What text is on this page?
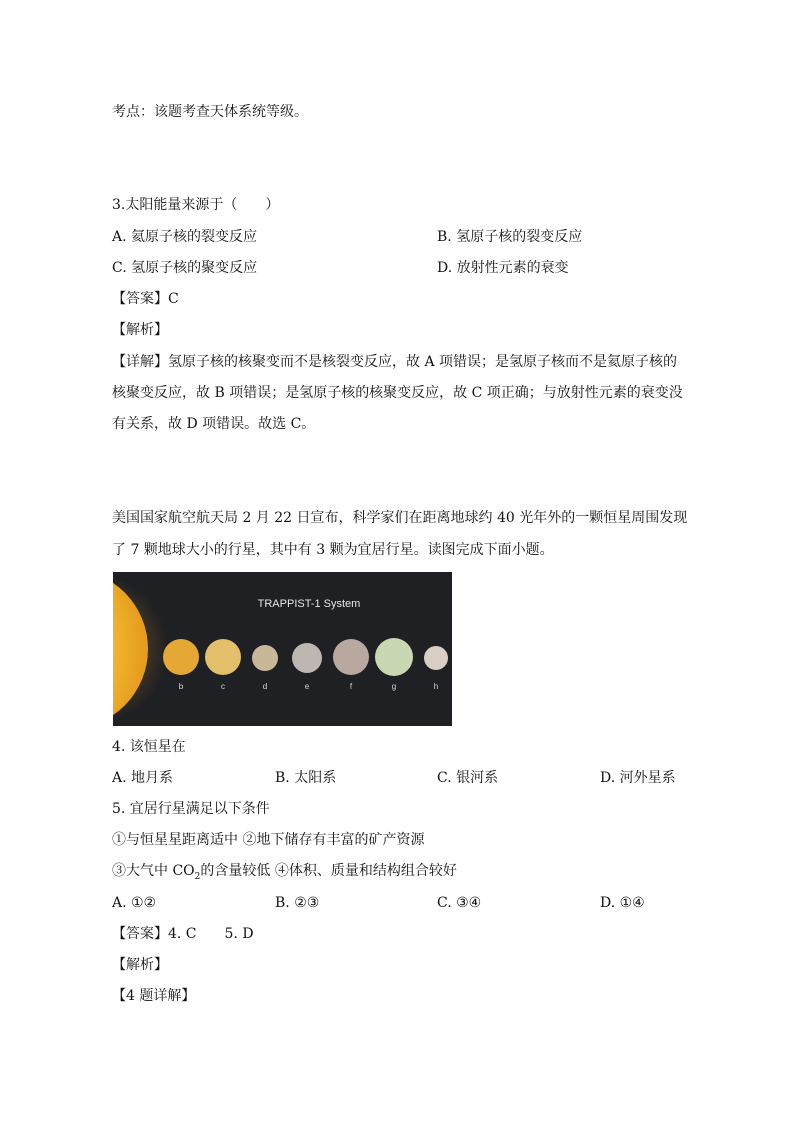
考点：该题考查天体系统等级。
3.太阳能量来源于（　　）
A. 氦原子核的裂变反应	B. 氢原子核的裂变反应
C. 氢原子核的聚变反应	D. 放射性元素的衰变
【答案】C
【解析】
【详解】氢原子核的核聚变而不是核裂变反应，故 A 项错误；是氢原子核而不是氦原子核的
核聚变反应，故 B 项错误；是氢原子核的核聚变反应，故 C 项正确；与放射性元素的衰变没
有关系，故 D 项错误。故选 C。
美国国家航空航天局 2 月 22 日宣布，科学家们在距离地球约 40 光年外的一颗恒星周围发现
了 7 颗地球大小的行星，其中有 3 颗为宜居行星。读图完成下面小题。
TRAPPIST-1 System
b	c	d	e	f	g	h
4. 该恒星在
A. 地月系	B. 太阳系	C. 银河系	D. 河外星系
5. 宜居行星满足以下条件
①与恒星星距离适中 ②地下储存有丰富的矿产资源
③大气中 $CO_2$的含量较低 ④体积、质量和结构组合较好
A. ①②	B. ②③	C. ③④	D. ①④
【答案】4. C　　5. D
【解析】
【4 题详解】
